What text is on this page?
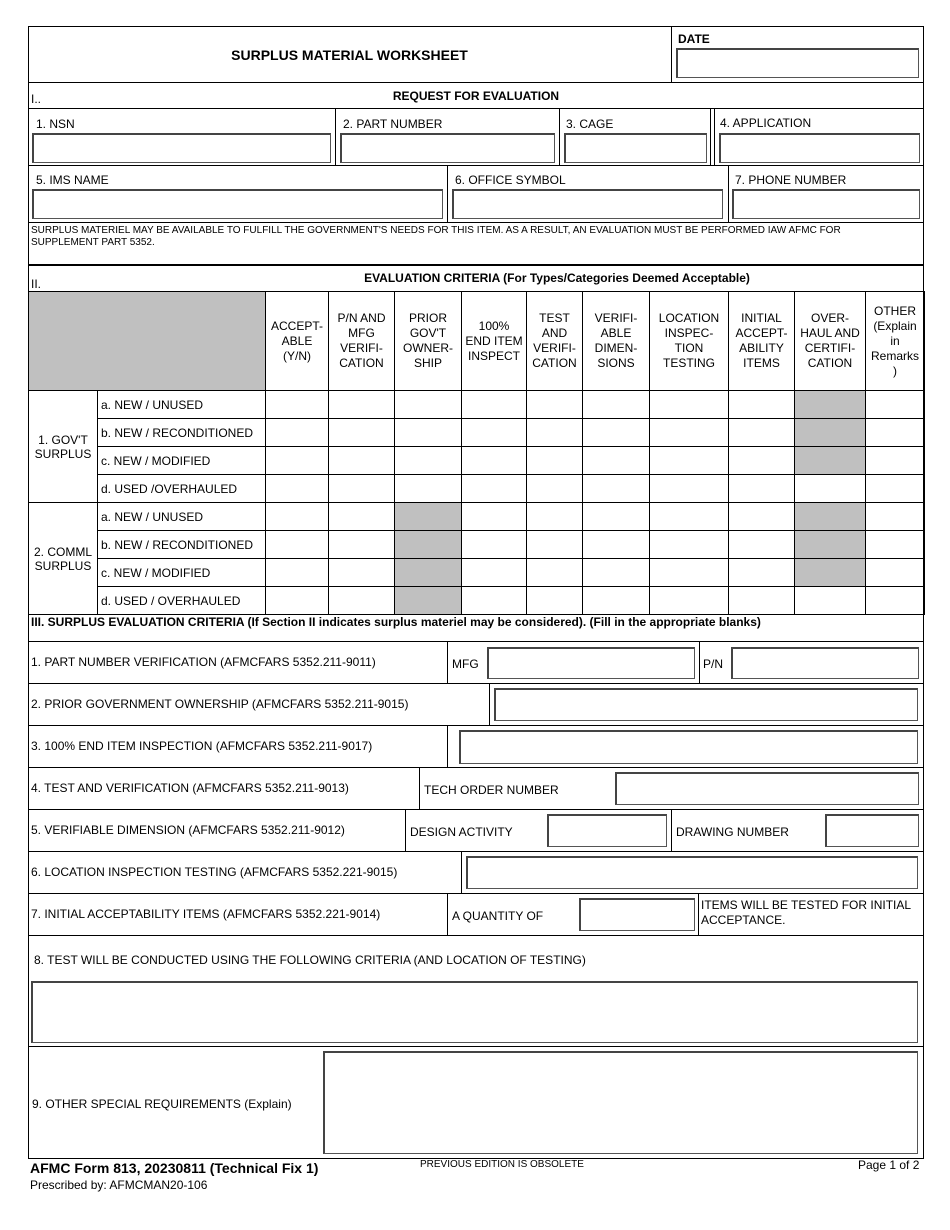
SURPLUS MATERIAL WORKSHEET
DATE
I..	REQUEST FOR EVALUATION
1. NSN	2. PART NUMBER	3. CAGE	4. APPLICATION
5. IMS NAME	6. OFFICE SYMBOL	7. PHONE NUMBER
SURPLUS MATERIEL MAY BE AVAILABLE TO FULFILL THE GOVERNMENT'S NEEDS FOR THIS ITEM. AS A RESULT, AN EVALUATION MUST BE PERFORMED IAW AFMC FOR SUPPLEMENT PART 5352.
II.	EVALUATION CRITERIA (For Types/Categories Deemed Acceptable)
		ACCEPT-
ABLE
(Y/N)	P/N AND
MFG
VERIFI-
CATION	PRIOR
GOV'T
OWNER-
SHIP	100%
END ITEM
INSPECT	TEST
AND
VERIFI-
CATION	VERIFI-
ABLE
DIMEN-
SIONS	LOCATION
INSPEC-
TION
TESTING	INITIAL
ACCEPT-
ABILITY
ITEMS	OVER-
HAUL AND
CERTIFI-
CATION	OTHER
(Explain
in
Remarks
)
1. GOV'T
SURPLUS	a. NEW / UNUSED										
	b. NEW / RECONDITIONED										
	c. NEW / MODIFIED										
	d. USED /OVERHAULED										
2. COMML
SURPLUS	a. NEW / UNUSED										
	b. NEW / RECONDITIONED										
	c. NEW / MODIFIED										
	d. USED / OVERHAULED										
III. SURPLUS EVALUATION CRITERIA (If Section II indicates surplus materiel may be considered). (Fill in the appropriate blanks)
1. PART NUMBER VERIFICATION (AFMCFARS 5352.211-9011)	MFG	P/N
2. PRIOR GOVERNMENT OWNERSHIP (AFMCFARS 5352.211-9015)
3. 100% END ITEM INSPECTION (AFMCFARS 5352.211-9017)
4. TEST AND VERIFICATION (AFMCFARS 5352.211-9013)	TECH ORDER NUMBER
5. VERIFIABLE DIMENSION (AFMCFARS 5352.211-9012)	DESIGN ACTIVITY	DRAWING NUMBER
6. LOCATION INSPECTION TESTING (AFMCFARS 5352.221-9015)
7. INITIAL ACCEPTABILITY ITEMS (AFMCFARS 5352.221-9014)	A QUANTITY OF
ITEMS WILL BE TESTED FOR INITIAL ACCEPTANCE.
8. TEST WILL BE CONDUCTED USING THE FOLLOWING CRITERIA (AND LOCATION OF TESTING)
9. OTHER SPECIAL REQUIREMENTS (Explain)
AFMC Form 813, 20230811 (Technical Fix 1)
Prescribed by: AFMCMAN20-106
PREVIOUS EDITION IS OBSOLETE	Page 1 of 2
